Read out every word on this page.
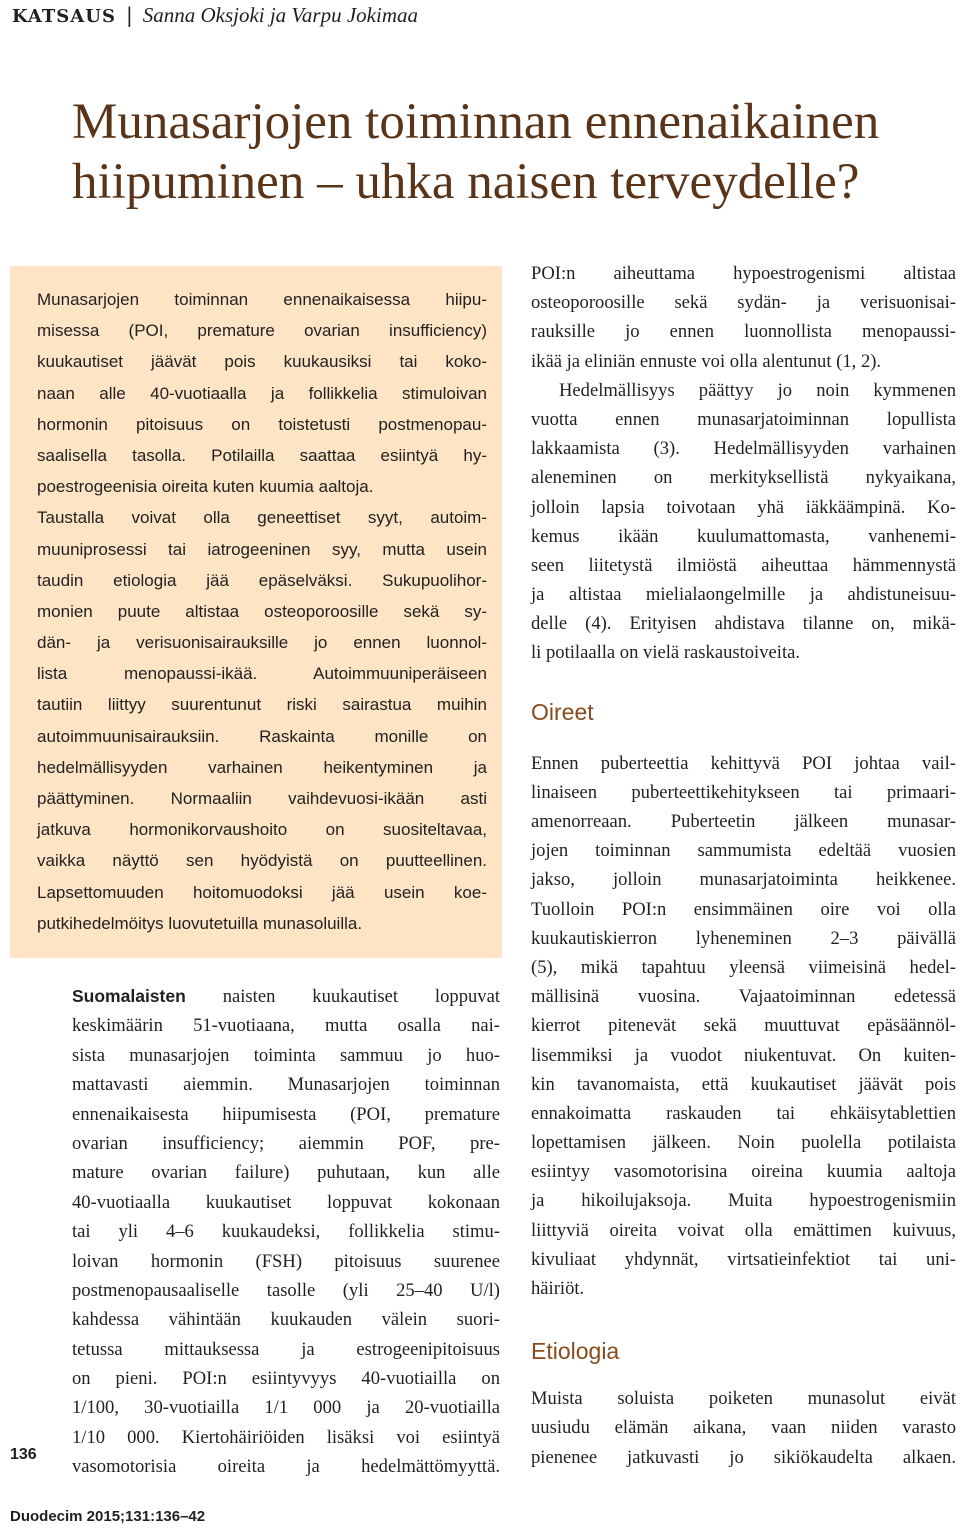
KATSAUS | Sanna Oksjoki ja Varpu Jokimaa
Munasarjojen toiminnan ennenaikainen
hiipuminen – uhka naisen terveydelle?
Munasarjojen toiminnan ennenaikaisessa hiipu-
misessa (POI, premature ovarian insufficiency)
kuukautiset jäävät pois kuukausiksi tai koko-
naan alle 40-vuotiaalla ja follikkelia stimuloivan
hormonin pitoisuus on toistetusti postmenopau-
saalisella tasolla. Potilailla saattaa esiintyä hy-
poestrogeenisia oireita kuten kuumia aaltoja.
Taustalla voivat olla geneettiset syyt, autoim-
muuniprosessi tai iatrogeeninen syy, mutta usein
taudin etiologia jää epäselväksi. Sukupuolihor-
monien puute altistaa osteoporoosille sekä sy-
dän- ja verisuonisairauksille jo ennen luonnol-
lista menopaussi-ikää. Autoimmuuniperäiseen
tautiin liittyy suurentunut riski sairastua muihin
autoimmuunisairauksiin. Raskainta monille on
hedelmällisyyden varhainen heikentyminen ja
päättyminen. Normaaliin vaihdevuosi-ikään asti
jatkuva hormonikorvaushoito on suositeltavaa,
vaikka näyttö sen hyödyistä on puutteellinen.
Lapsettomuuden hoitomuodoksi jää usein koe-
putkihedelmöitys luovutetuilla munasoluilla.
Suomalaisten naisten kuukautiset loppuvat
keskimäärin 51-vuotiaana, mutta osalla nai-
sista munasarjojen toiminta sammuu jo huo-
mattavasti aiemmin. Munasarjojen toiminnan
ennenaikaisesta hiipumisesta (POI, premature
ovarian insufficiency; aiemmin POF, pre-
mature ovarian failure) puhutaan, kun alle
40-vuotiaalla kuukautiset loppuvat kokonaan
tai yli 4–6 kuukaudeksi, follikkelia stimu-
loivan hormonin (FSH) pitoisuus suurenee
postmenopausaaliselle tasolle (yli 25–40 U/l)
kahdessa vähintään kuukauden välein suori-
tetussa mittauksessa ja estrogeenipitoisuus
on pieni. POI:n esiintyvyys 40-vuotiailla on
1/100, 30-vuotiailla 1/1 000 ja 20-vuotiailla
1/10 000. Kiertohäiriöiden lisäksi voi esiintyä
vasomotorisia oireita ja hedelmättömyyttä.
POI:n aiheuttama hypoestrogenismi altistaa
osteoporoosille sekä sydän- ja verisuonisai-
rauksille jo ennen luonnollista menopaussi-
ikää ja eliniän ennuste voi olla alentunut (1, 2).
Hedelmällisyys päättyy jo noin kymmenen
vuotta ennen munasarjatoiminnan lopullista
lakkaamista (3). Hedelmällisyyden varhainen
aleneminen on merkityksellistä nykyaikana,
jolloin lapsia toivotaan yhä iäkkäämpinä. Ko-
kemus ikään kuulumattomasta, vanhenemi-
seen liitetystä ilmiöstä aiheuttaa hämmennystä
ja altistaa mielialaongelmille ja ahdistuneisuu-
delle (4). Erityisen ahdistava tilanne on, mikä-
li potilaalla on vielä raskaustoiveita.
Oireet
Ennen puberteettia kehittyvä POI johtaa vail-
linaiseen puberteettikehitykseen tai primaari-
amenorreaan. Puberteetin jälkeen munasar-
jojen toiminnan sammumista edeltää vuosien
jakso, jolloin munasarjatoiminta heikkenee.
Tuolloin POI:n ensimmäinen oire voi olla
kuukautiskierron lyheneminen 2–3 päivällä
(5), mikä tapahtuu yleensä viimeisinä hedel-
mällisinä vuosina. Vajaatoiminnan edetessä
kierrot pitenevät sekä muuttuvat epäsäännöl-
lisemmiksi ja vuodot niukentuvat. On kuiten-
kin tavanomaista, että kuukautiset jäävät pois
ennakoimatta raskauden tai ehkäisytablettien
lopettamisen jälkeen. Noin puolella potilaista
esiintyy vasomotorisina oireina kuumia aaltoja
ja hikoilujaksoja. Muita hypoestrogenismiin
liittyviä oireita voivat olla emättimen kuivuus,
kivuliaat yhdynnät, virtsatieinfektiot tai uni-
häiriöt.
Etiologia
Muista soluista poiketen munasolut eivät
uusiudu elämän aikana, vaan niiden varasto
pienenee jatkuvasti jo sikiökaudelta alkaen.
136
Duodecim 2015;131:136–42
